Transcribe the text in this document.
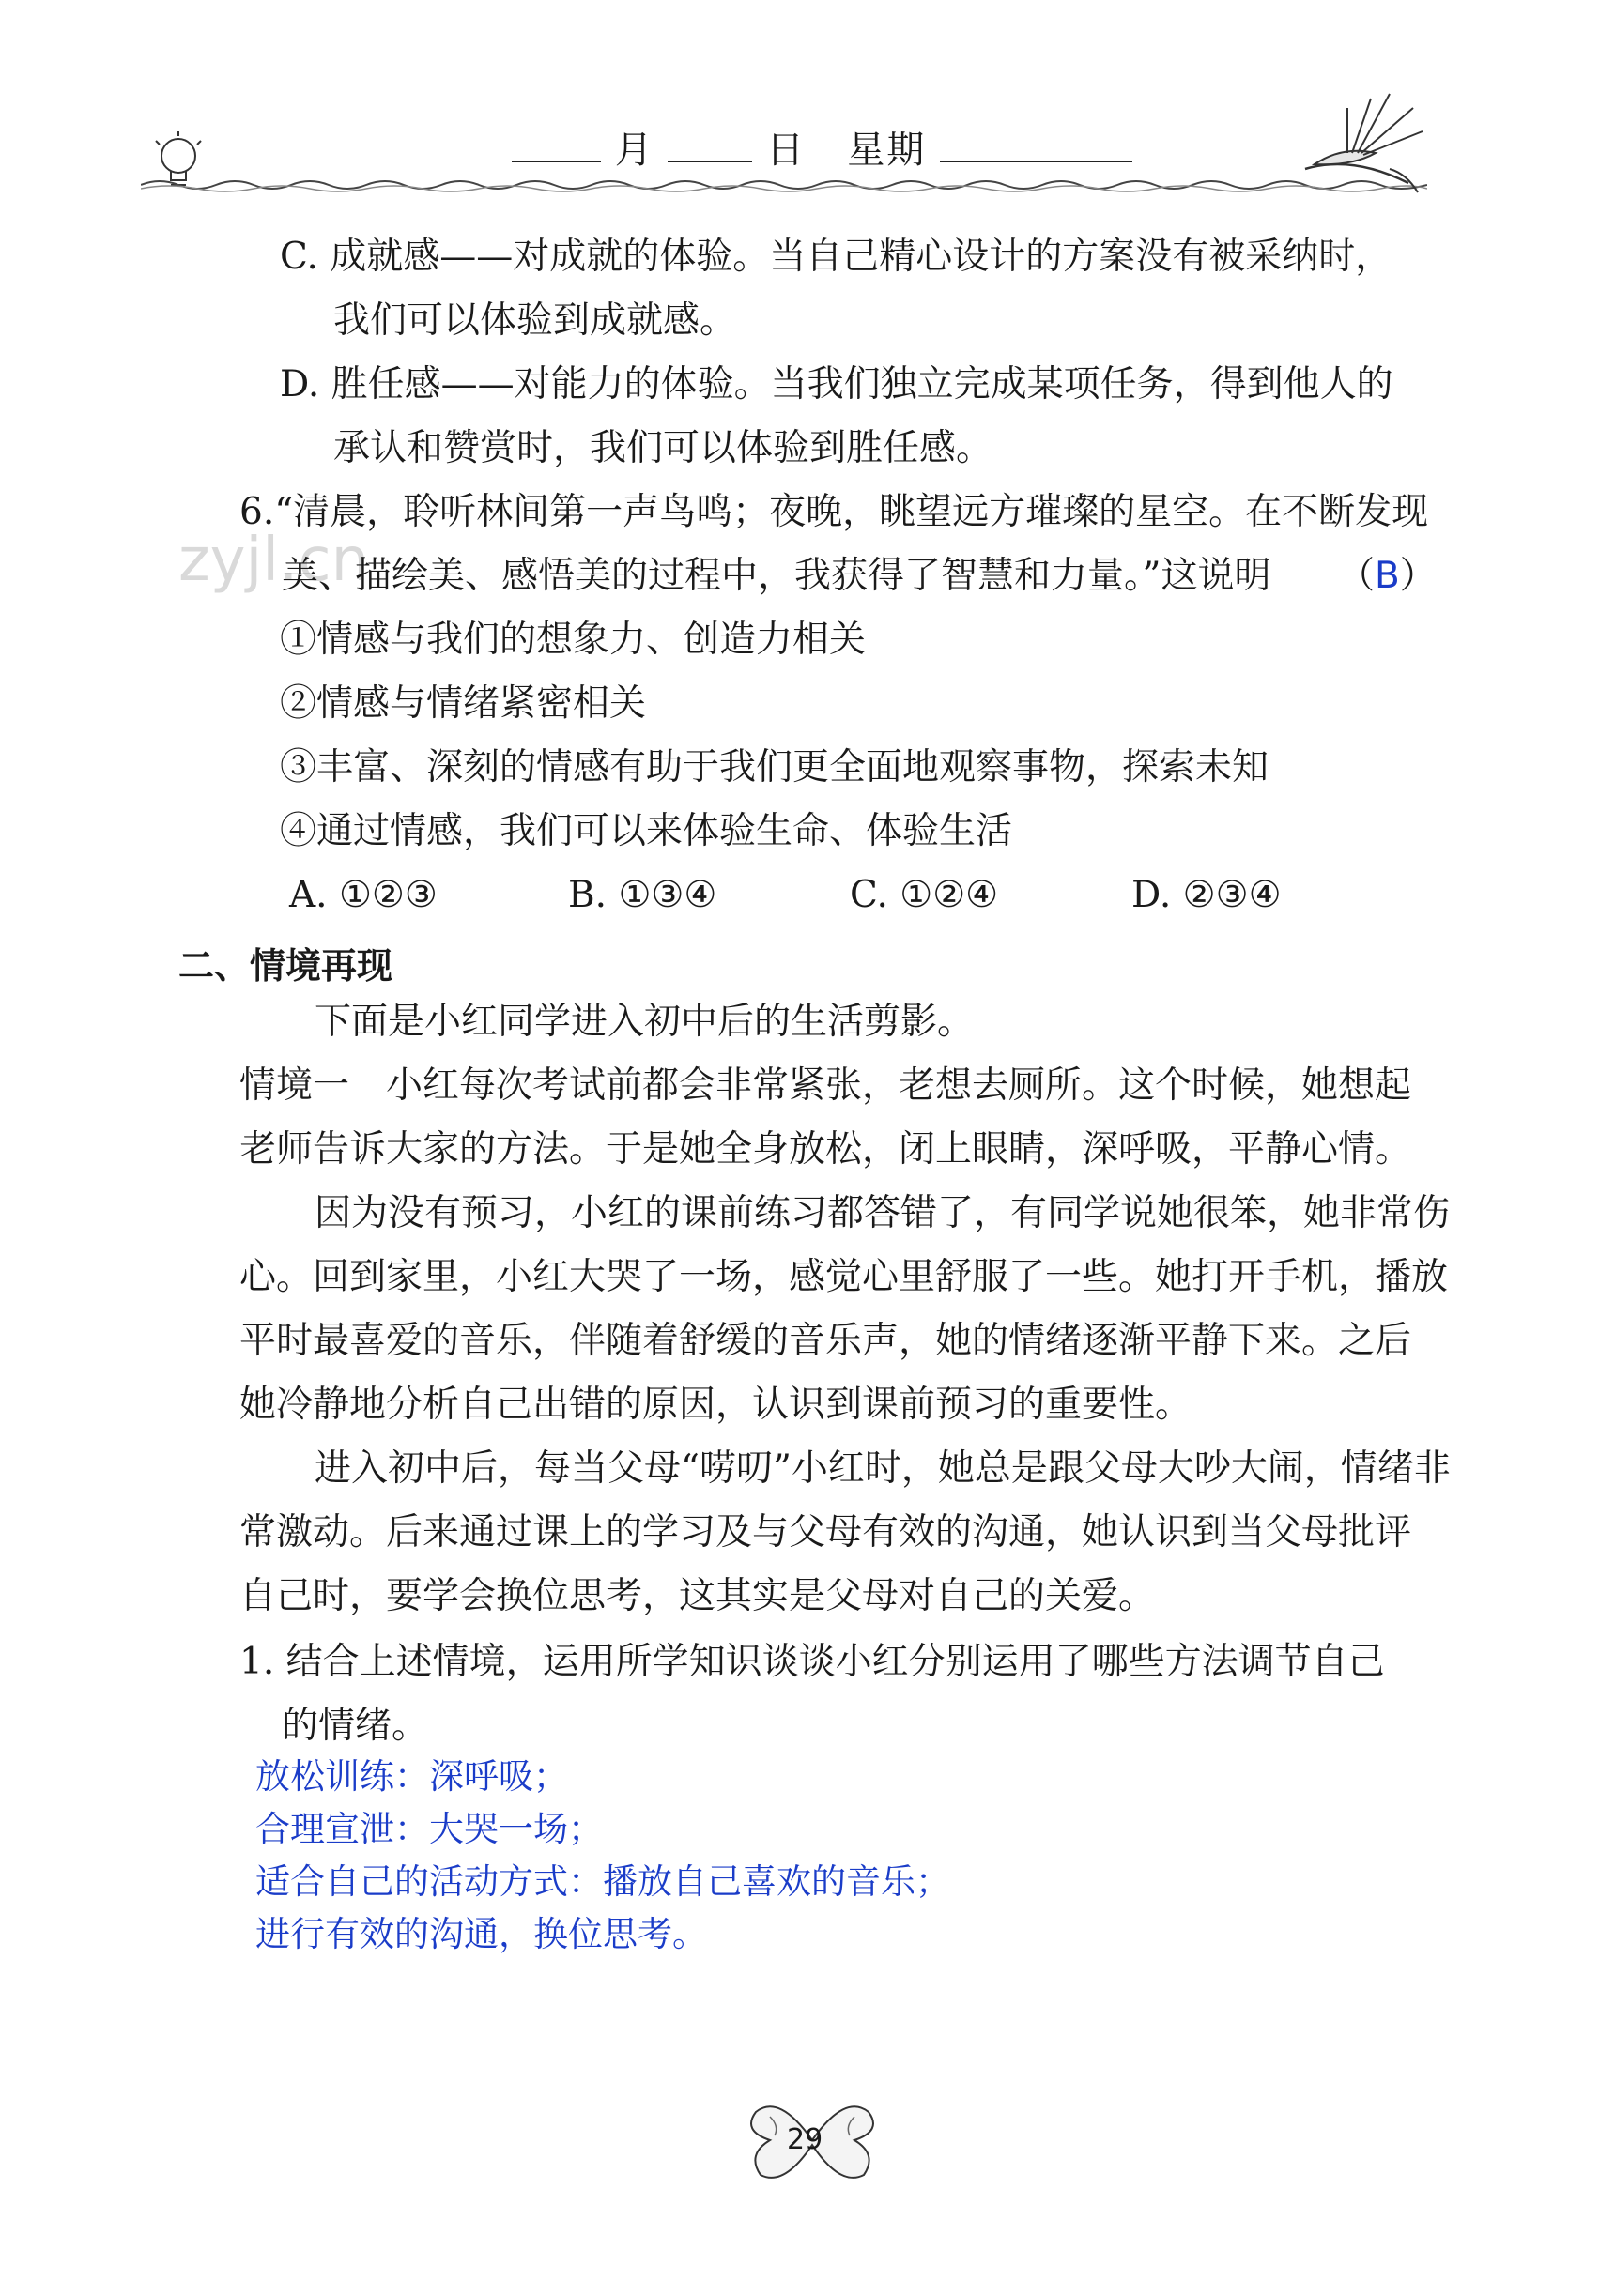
月	日 星期
C. 成就感——对成就的体验。当自己精心设计的方案没有被采纳时，
我们可以体验到成就感。
D. 胜任感——对能力的体验。当我们独立完成某项任务，得到他人的
承认和赞赏时，我们可以体验到胜任感。
zyjl.cn
6.“清晨，聆听林间第一声鸟鸣；夜晚，眺望远方璀璨的星空。在不断发现
美、描绘美、感悟美的过程中，我获得了智慧和力量。”这说明 （B）
①情感与我们的想象力、创造力相关
②情感与情绪紧密相关
③丰富、深刻的情感有助于我们更全面地观察事物，探索未知
④通过情感，我们可以来体验生命、体验生活
A. ①②③	B. ①③④	C. ①②④	D. ②③④
二、情境再现
下面是小红同学进入初中后的生活剪影。
情境一　小红每次考试前都会非常紧张，老想去厕所。这个时候，她想起
老师告诉大家的方法。于是她全身放松，闭上眼睛，深呼吸，平静心情。
因为没有预习，小红的课前练习都答错了，有同学说她很笨，她非常伤
心。回到家里，小红大哭了一场，感觉心里舒服了一些。她打开手机，播放
平时最喜爱的音乐，伴随着舒缓的音乐声，她的情绪逐渐平静下来。之后
她冷静地分析自己出错的原因，认识到课前预习的重要性。
进入初中后，每当父母“唠叨”小红时，她总是跟父母大吵大闹，情绪非
常激动。后来通过课上的学习及与父母有效的沟通，她认识到当父母批评
自己时，要学会换位思考，这其实是父母对自己的关爱。
1. 结合上述情境，运用所学知识谈谈小红分别运用了哪些方法调节自己
的情绪。
放松训练：深呼吸；
合理宣泄：大哭一场；
适合自己的活动方式：播放自己喜欢的音乐；
进行有效的沟通，换位思考。
29
